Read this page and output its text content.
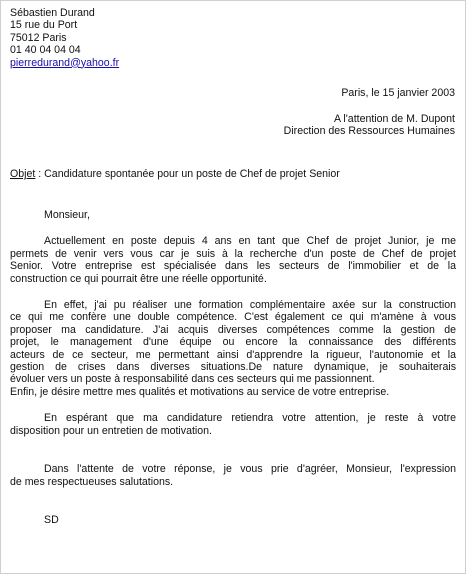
Sébastien Durand
15 rue du Port
75012 Paris
01 40 04 04 04
pierredurand@yahoo.fr
Paris, le 15 janvier 2003
A l'attention de M. Dupont
Direction des Ressources Humaines
Objet : Candidature spontanée pour un poste de Chef de projet Senior

Monsieur,

Actuellement en poste depuis 4 ans en tant que Chef de projet Junior, je me
permets de venir vers vous car je suis à la recherche d'un poste de Chef de projet
Senior. Votre entreprise est spécialisée dans les secteurs de l'immobilier et de la
construction ce qui pourrait être une réelle opportunité.

En effet, j'ai pu réaliser une formation complémentaire axée sur la construction
ce qui me confère une double compétence. C'est également ce qui m'amène à vous
proposer ma candidature. J'ai acquis diverses compétences comme la gestion de
projet, le management d'une équipe ou encore la connaissance des différents
acteurs de ce secteur, me permettant ainsi d'apprendre la rigueur, l'autonomie et la
gestion de crises dans diverses situations.De nature dynamique, je souhaiterais
évoluer vers un poste à responsabilité dans ces secteurs qui me passionnent.
Enfin, je désire mettre mes qualités et motivations au service de votre entreprise.

En espérant que ma candidature retiendra votre attention, je reste à votre
disposition pour un entretien de motivation.

Dans l'attente de votre réponse, je vous prie d'agréer, Monsieur, l'expression
de mes respectueuses salutations.

SD
